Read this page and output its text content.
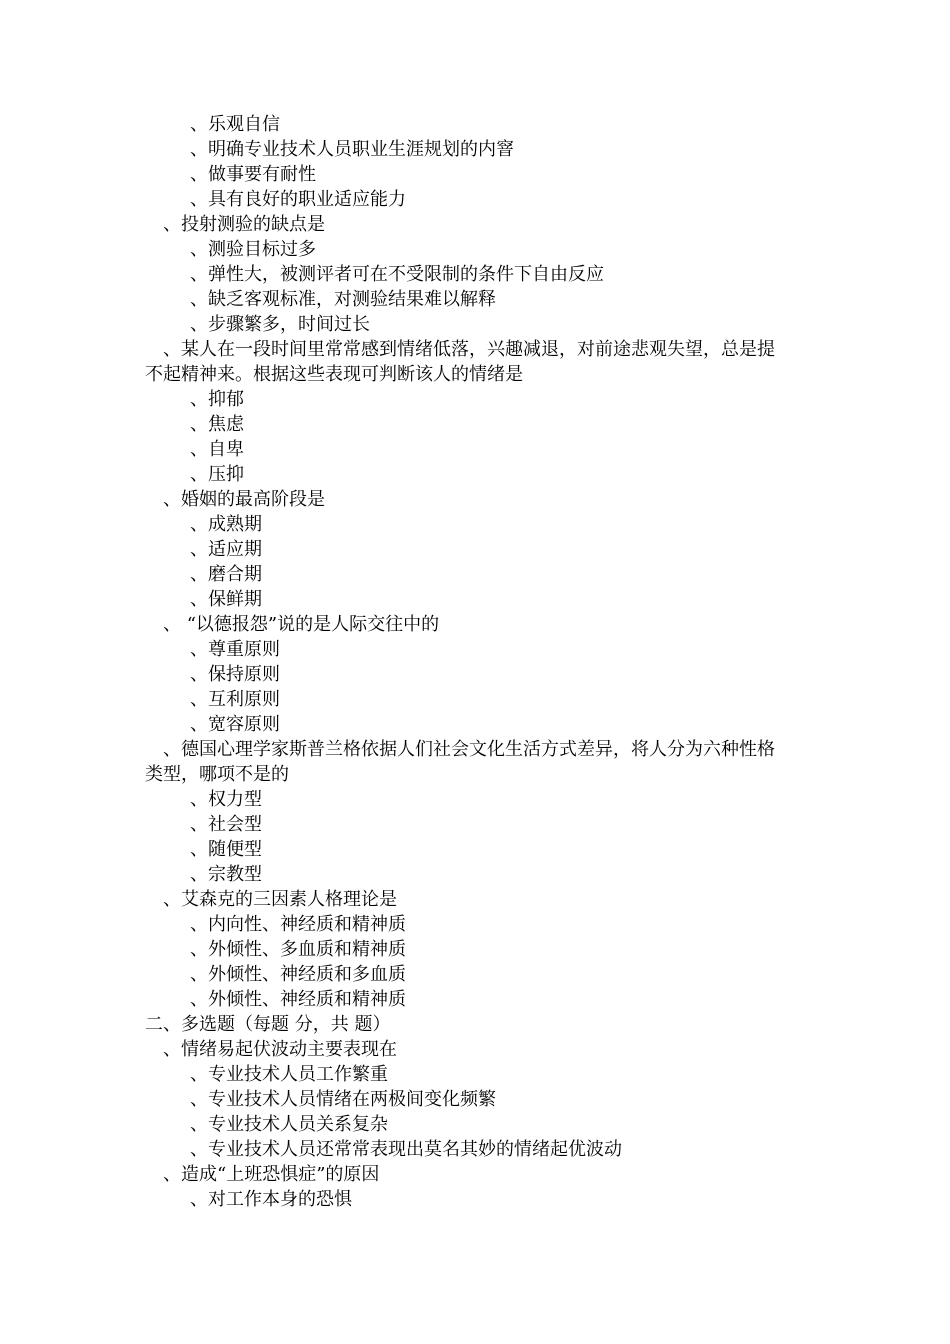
、乐观自信
、明确专业技术人员职业生涯规划的内窨
、做事要有耐性
、具有良好的职业适应能力
、投射测验的缺点是
、测验目标过多
、弹性大，被测评者可在不受限制的条件下自由反应
、缺乏客观标准，对测验结果难以解释
、步骤繁多，时间过长
、某人在一段时间里常常感到情绪低落，兴趣减退，对前途悲观失望，总是提
不起精神来。根据这些表现可判断该人的情绪是
、抑郁
、焦虑
、自卑
、压抑
、婚姻的最高阶段是
、成熟期
、适应期
、磨合期
、保鲜期
、 “以德报怨”说的是人际交往中的
、尊重原则
、保持原则
、互利原则
、宽容原则
、德国心理学家斯普兰格依据人们社会文化生活方式差异，将人分为六种性格
类型，哪项不是的
、权力型
、社会型
、随便型
、宗教型
、艾森克的三因素人格理论是
、内向性、神经质和精神质
、外倾性、多血质和精神质
、外倾性、神经质和多血质
、外倾性、神经质和精神质
二、多选题（每题 分，共 题）
、情绪易起伏波动主要表现在
、专业技术人员工作繁重
、专业技术人员情绪在两极间变化频繁
、专业技术人员关系复杂
、专业技术人员还常常表现出莫名其妙的情绪起优波动
、造成“上班恐惧症”的原因
、对工作本身的恐惧
